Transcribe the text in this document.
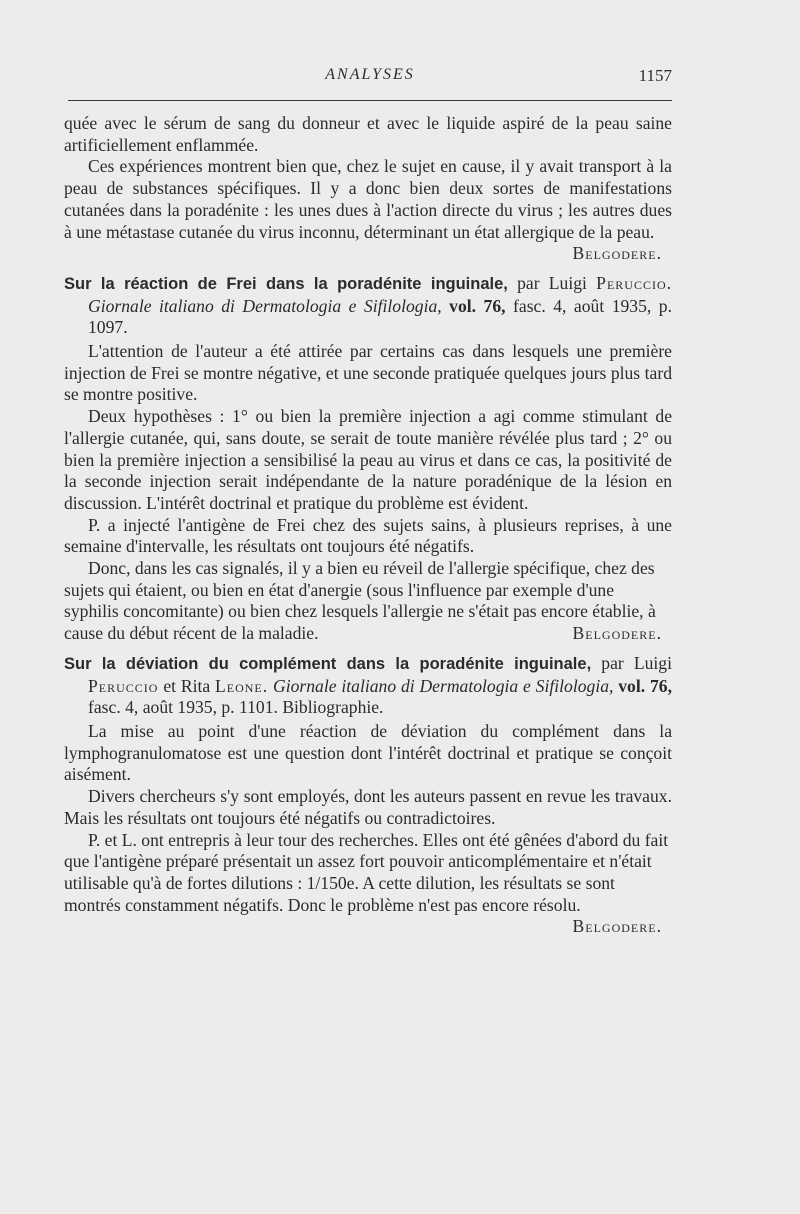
ANALYSES	1157

quée avec le sérum de sang du donneur et avec le liquide aspiré de la peau saine artificiellement enflammée.

Ces expériences montrent bien que, chez le sujet en cause, il y avait transport à la peau de substances spécifiques. Il y a donc bien deux sortes de manifestations cutanées dans la poradénite : les unes dues à l'action directe du virus ; les autres dues à une métastase cutanée du virus inconnu, déterminant un état allergique de la peau.

Belgodere.

Sur la réaction de Frei dans la poradénite inguinale, par Luigi Peruccio. Giornale italiano di Dermatologia e Sifilologia, vol. 76, fasc. 4, août 1935, p. 1097.

L'attention de l'auteur a été attirée par certains cas dans lesquels une première injection de Frei se montre négative, et une seconde pratiquée quelques jours plus tard se montre positive.

Deux hypothèses : 1° ou bien la première injection a agi comme stimulant de l'allergie cutanée, qui, sans doute, se serait de toute manière révélée plus tard ; 2° ou bien la première injection a sensibilisé la peau au virus et dans ce cas, la positivité de la seconde injection serait indépendante de la nature poradénique de la lésion en discussion. L'intérêt doctrinal et pratique du problème est évident.

P. a injecté l'antigène de Frei chez des sujets sains, à plusieurs reprises, à une semaine d'intervalle, les résultats ont toujours été négatifs.

Donc, dans les cas signalés, il y a bien eu réveil de l'allergie spécifique, chez des sujets qui étaient, ou bien en état d'anergie (sous l'influence par exemple d'une syphilis concomitante) ou bien chez lesquels l'allergie ne s'était pas encore établie, à cause du début récent de la maladie.	Belgodere.

Sur la déviation du complément dans la poradénite inguinale, par Luigi Peruccio et Rita Leone. Giornale italiano di Dermatologia e Sifilologia, vol. 76, fasc. 4, août 1935, p. 1101. Bibliographie.

La mise au point d'une réaction de déviation du complément dans la lymphogranulomatose est une question dont l'intérêt doctrinal et pratique se conçoit aisément.

Divers chercheurs s'y sont employés, dont les auteurs passent en revue les travaux. Mais les résultats ont toujours été négatifs ou contradictoires.

P. et L. ont entrepris à leur tour des recherches. Elles ont été gênées d'abord du fait que l'antigène préparé présentait un assez fort pouvoir anticomplémentaire et n'était utilisable qu'à de fortes dilutions : 1/150e. A cette dilution, les résultats se sont montrés constamment négatifs. Donc le problème n'est pas encore résolu.
Belgodere.
